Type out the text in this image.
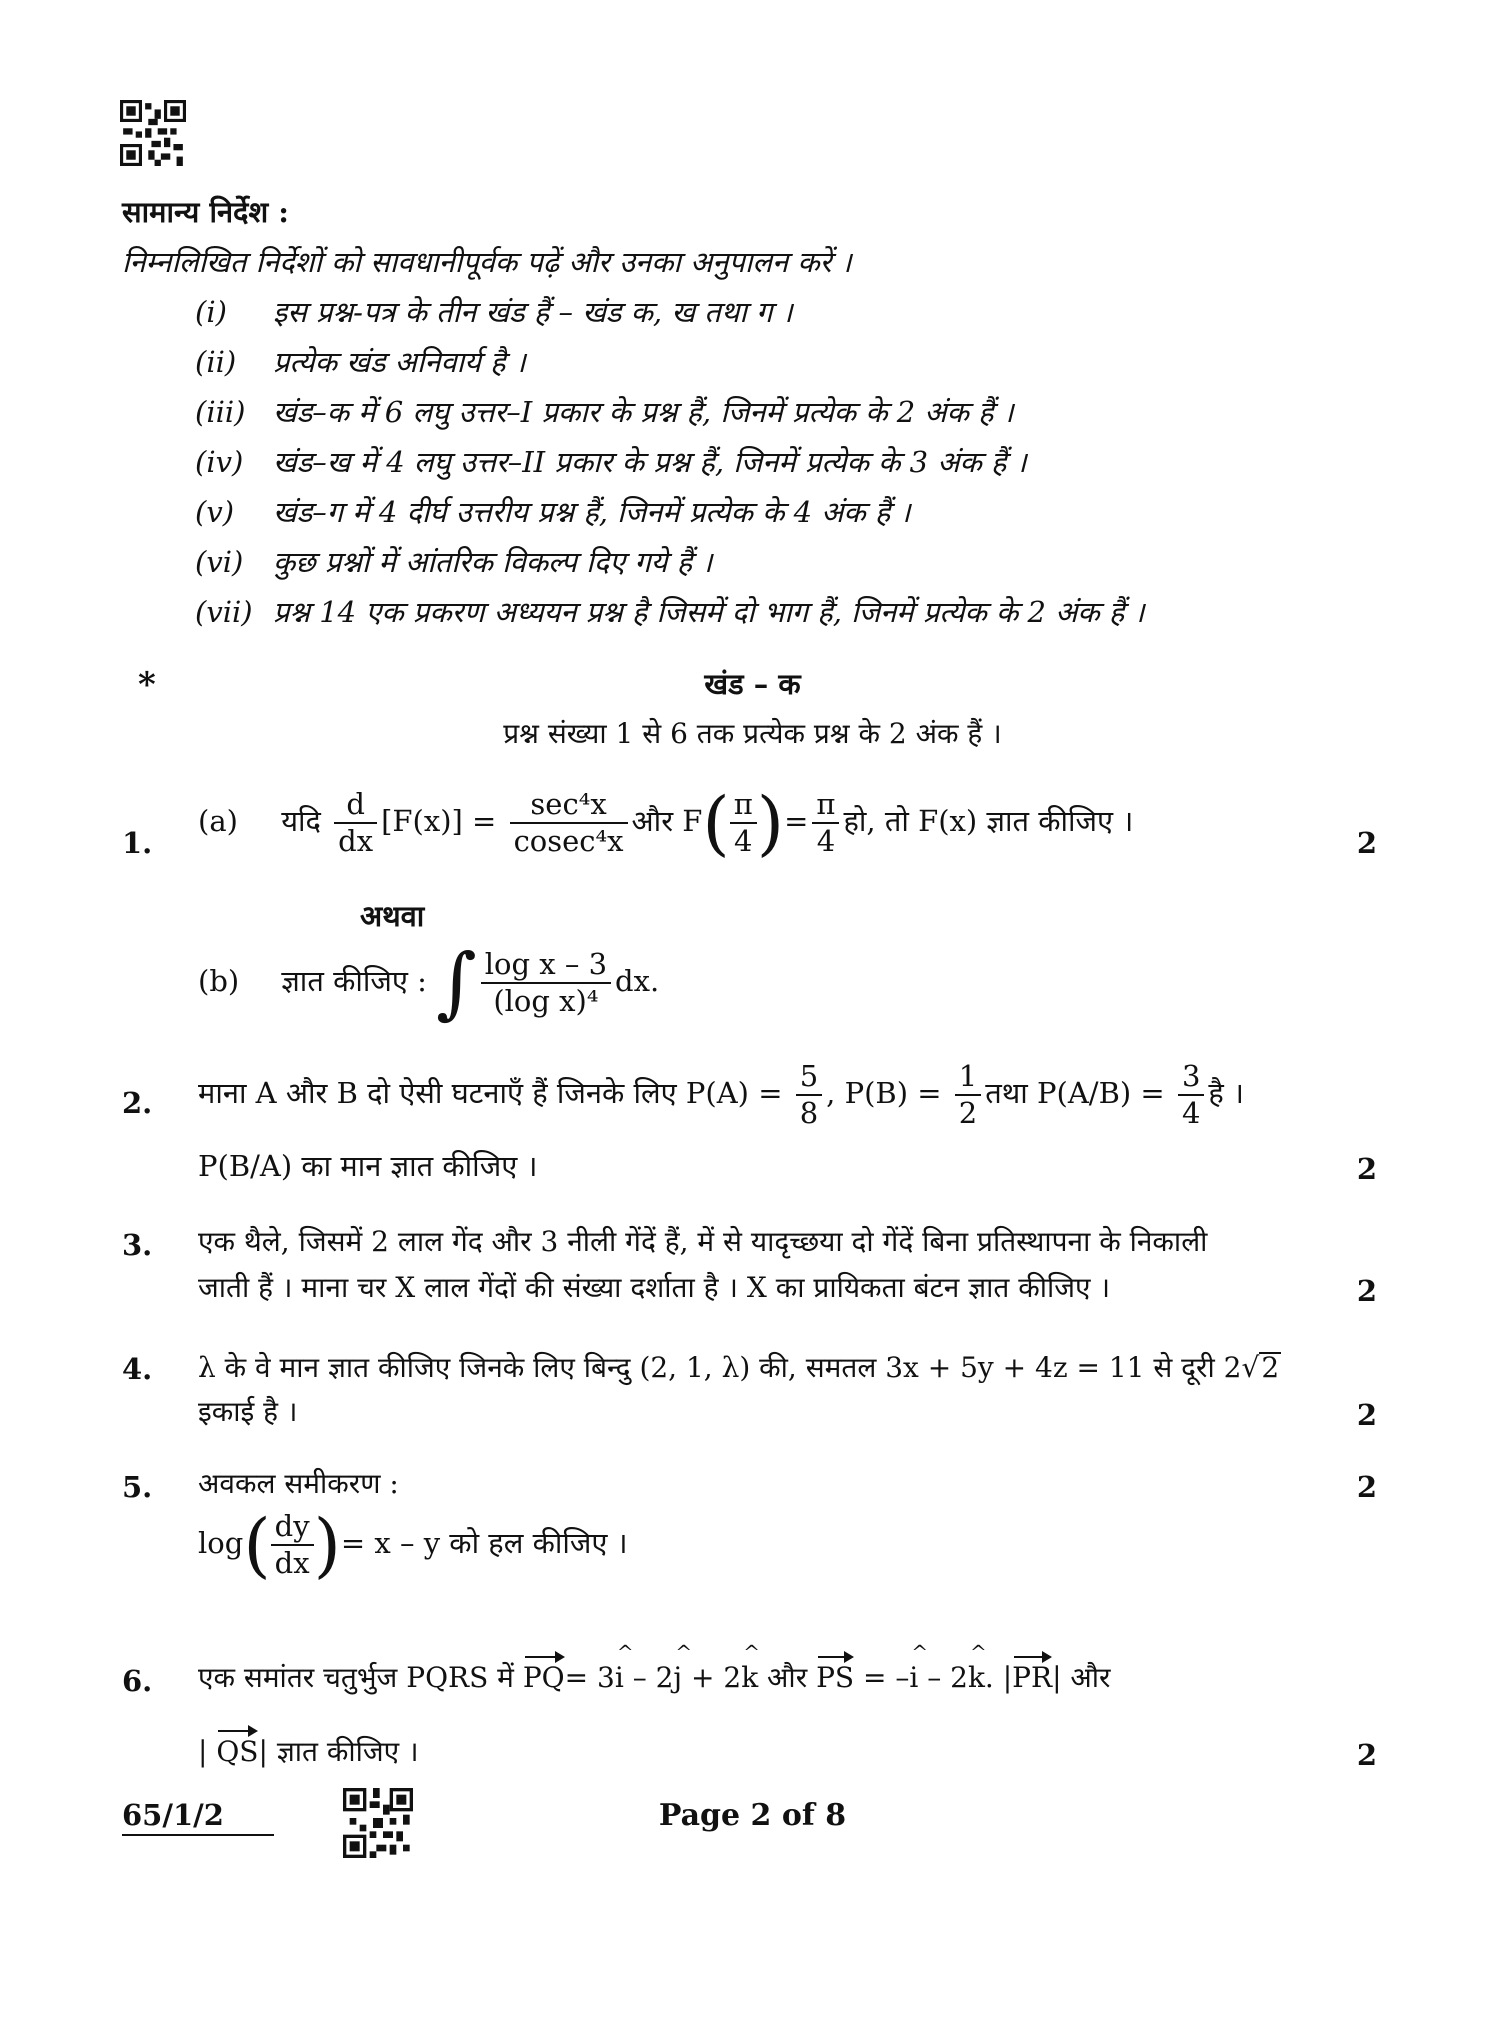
सामान्य निर्देश :
निम्नलिखित निर्देशों को सावधानीपूर्वक पढ़ें और उनका अनुपालन करें ।
(i) इस प्रश्न-पत्र के तीन खंड हैं – खंड क, ख तथा ग ।
(ii) प्रत्येक खंड अनिवार्य है ।
(iii) खंड–क में 6 लघु उत्तर–I प्रकार के प्रश्न हैं, जिनमें प्रत्येक के 2 अंक हैं ।
(iv) खंड–ख में 4 लघु उत्तर–II प्रकार के प्रश्न हैं, जिनमें प्रत्येक के 3 अंक हैं ।
(v) खंड–ग में 4 दीर्घ उत्तरीय प्रश्न हैं, जिनमें प्रत्येक के 4 अंक हैं ।
(vi) कुछ प्रश्नों में आंतरिक विकल्प दिए गये हैं ।
(vii) प्रश्न 14 एक प्रकरण अध्ययन प्रश्न है जिसमें दो भाग हैं, जिनमें प्रत्येक के 2 अंक हैं ।
*	खंड – क
प्रश्न संख्या 1 से 6 तक प्रत्येक प्रश्न के 2 अंक हैं ।
1.
(a) यदि $\frac{d}{dx} [F(x)] = \frac{\text{sec⁴x}}{\text{cosec⁴x}}$ और $F( \frac{\pi}{4}$ )= $\frac{\pi}{4}$ हो, तो F(x) ज्ञात कीजिए ।
2
अथवा
(b) ज्ञात कीजिए : ∫ $\frac{\text{log x – 3}}{\text{(log x)⁴}}$ dx.
2. माना A और B दो ऐसी घटनाएँ हैं जिनके लिए $P(A) = \frac{5}{8}$ , $P(B) = \frac{1}{2}$ तथा $P(A/B) = \frac{3}{4}$ है ।
P(B/A) का मान ज्ञात कीजिए ।	2
3. एक थैले, जिसमें 2 लाल गेंद और 3 नीली गेंदें हैं, में से यादृच्छया दो गेंदें बिना प्रतिस्थापना के निकाली
जाती हैं । माना चर X लाल गेंदों की संख्या दर्शाता है । X का प्रायिकता बंटन ज्ञात कीजिए ।	2
4. λ के वे मान ज्ञात कीजिए जिनके लिए बिन्दु (2, 1, λ) की, समतल 3x + 5y + 4z = 11 से दूरी 2√2
इकाई है ।	2
5. अवकल समीकरण :	2
$\log( \frac{dy}{dx}$ )= x – y को हल कीजिए ।
6. एक समांतर चतुर्भुज PQRS में PQ= 3^ i – 2^ j + 2^ k और PS = –^ i – 2^ k. |PR| और
| QS| ज्ञात कीजिए ।	2
65/1/2	Page 2 of 8
